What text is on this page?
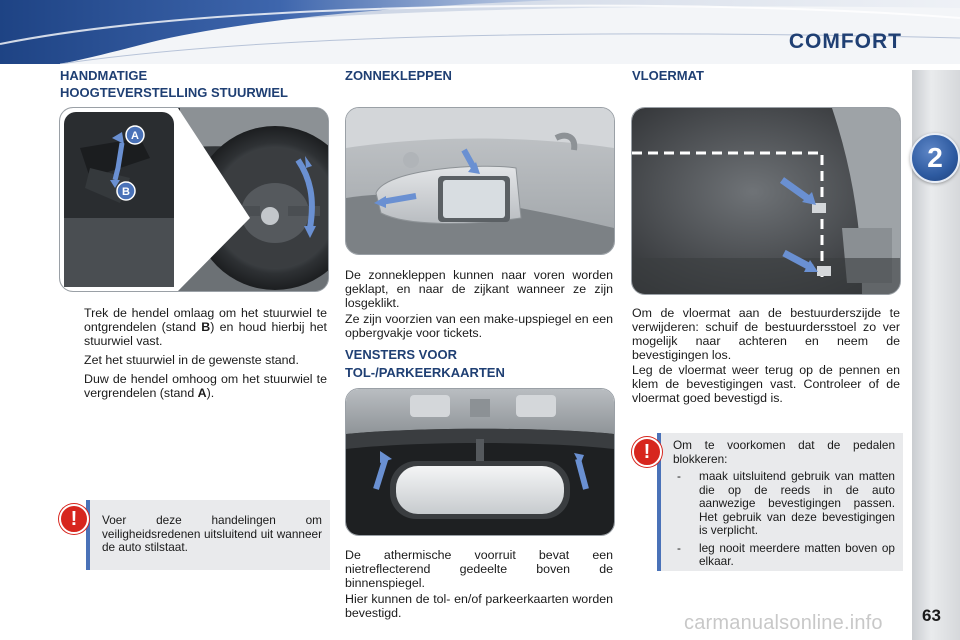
COMFORT
2
63
HANDMATIGE
HOOGTEVERSTELLING STUURWIEL
A
B
Trek de hendel omlaag om het stuurwiel te ontgrendelen (stand B) en houd hierbij het stuurwiel vast.
Zet het stuurwiel in de gewenste stand.
Duw de hendel omhoog om het stuurwiel te vergrendelen (stand A).
Voer deze handelingen om veiligheidsredenen uitsluitend uit wanneer de auto stilstaat.
!
ZONNEKLEPPEN
De zonnekleppen kunnen naar voren worden geklapt, en naar de zijkant wanneer ze zijn losgeklikt.
Ze zijn voorzien van een make-upspiegel en een opbergvakje voor tickets.
VENSTERS VOOR
TOL-/PARKEERKAARTEN
De athermische voorruit bevat een nietreflecterend gedeelte boven de binnenspiegel.
Hier kunnen de tol- en/of parkeerkaarten worden bevestigd.
VLOERMAT
Om de vloermat aan de bestuurderszijde te verwijderen: schuif de bestuurdersstoel zo ver mogelijk naar achteren en neem de bevestigingen los.
Leg de vloermat weer terug op de pennen en klem de bevestigingen vast. Controleer of de vloermat goed bevestigd is.
Om te voorkomen dat de pedalen blokkeren:
- maak uitsluitend gebruik van matten die op de reeds in de auto aanwezige bevestigingen passen. Het gebruik van deze bevestigingen is verplicht.
- leg nooit meerdere matten boven op elkaar.
!
carmanualsonline.info
